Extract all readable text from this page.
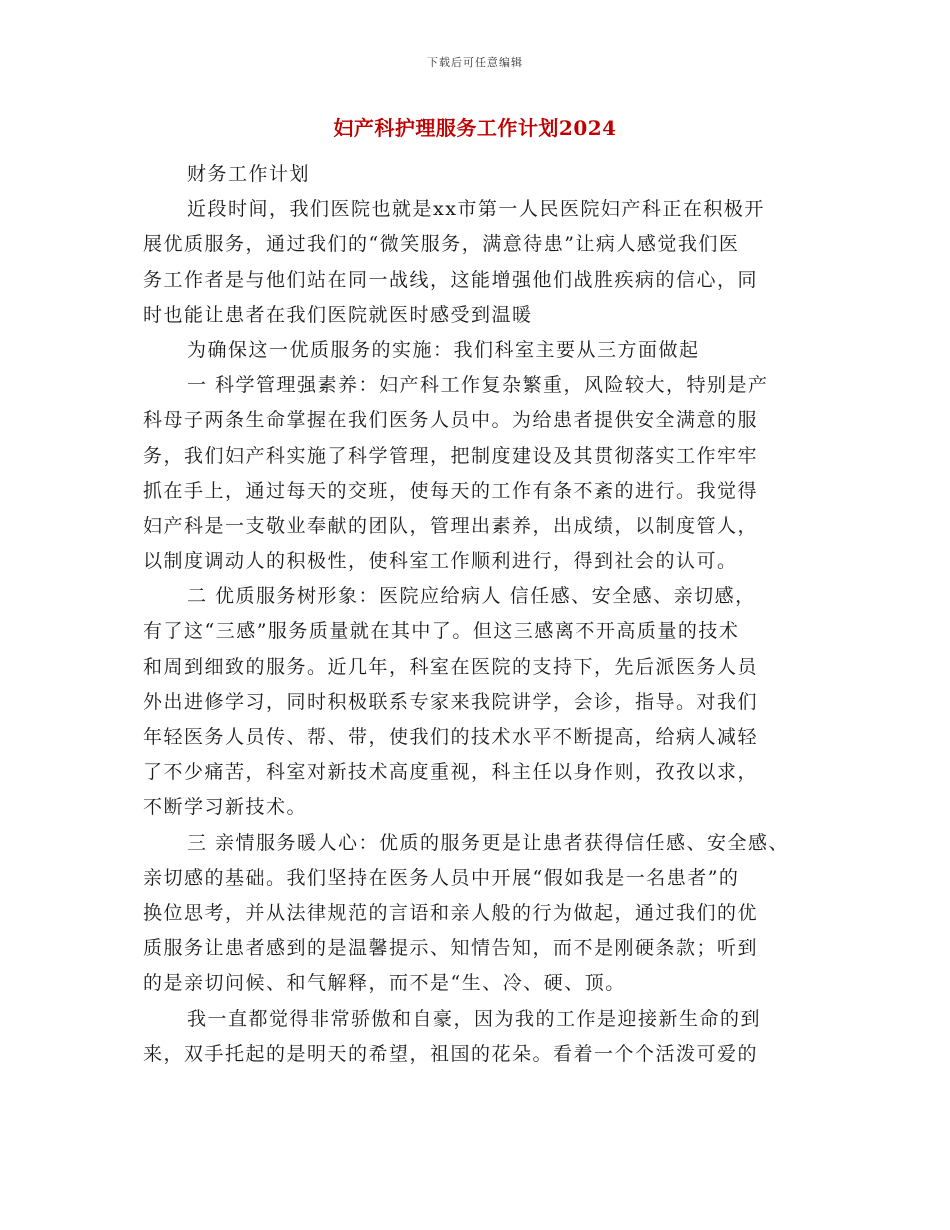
下载后可任意编辑
妇产科护理服务工作计划2024
财务工作计划
近段时间，我们医院也就是xx市第一人民医院妇产科正在积极开
展优质服务，通过我们的“微笑服务，满意待患”让病人感觉我们医
务工作者是与他们站在同一战线，这能增强他们战胜疾病的信心，同
时也能让患者在我们医院就医时感受到温暖
为确保这一优质服务的实施：我们科室主要从三方面做起
一 科学管理强素养：妇产科工作复杂繁重，风险较大，特别是产
科母子两条生命掌握在我们医务人员中。为给患者提供安全满意的服
务，我们妇产科实施了科学管理，把制度建设及其贯彻落实工作牢牢
抓在手上，通过每天的交班，使每天的工作有条不紊的进行。我觉得
妇产科是一支敬业奉献的团队，管理出素养，出成绩，以制度管人，
以制度调动人的积极性，使科室工作顺利进行，得到社会的认可。
二 优质服务树形象：医院应给病人 信任感、安全感、亲切感，
有了这“三感”服务质量就在其中了。但这三感离不开高质量的技术
和周到细致的服务。近几年，科室在医院的支持下，先后派医务人员
外出进修学习，同时积极联系专家来我院讲学，会诊，指导。对我们
年轻医务人员传、帮、带，使我们的技术水平不断提高，给病人减轻
了不少痛苦，科室对新技术高度重视，科主任以身作则，孜孜以求，
不断学习新技术。
三 亲情服务暖人心：优质的服务更是让患者获得信任感、安全感、
亲切感的基础。我们坚持在医务人员中开展“假如我是一名患者”的
换位思考，并从法律规范的言语和亲人般的行为做起，通过我们的优
质服务让患者感到的是温馨提示、知情告知，而不是刚硬条款；听到
的是亲切问候、和气解释，而不是“生、冷、硬、顶。
我一直都觉得非常骄傲和自豪，因为我的工作是迎接新生命的到
来，双手托起的是明天的希望，祖国的花朵。看着一个个活泼可爱的
